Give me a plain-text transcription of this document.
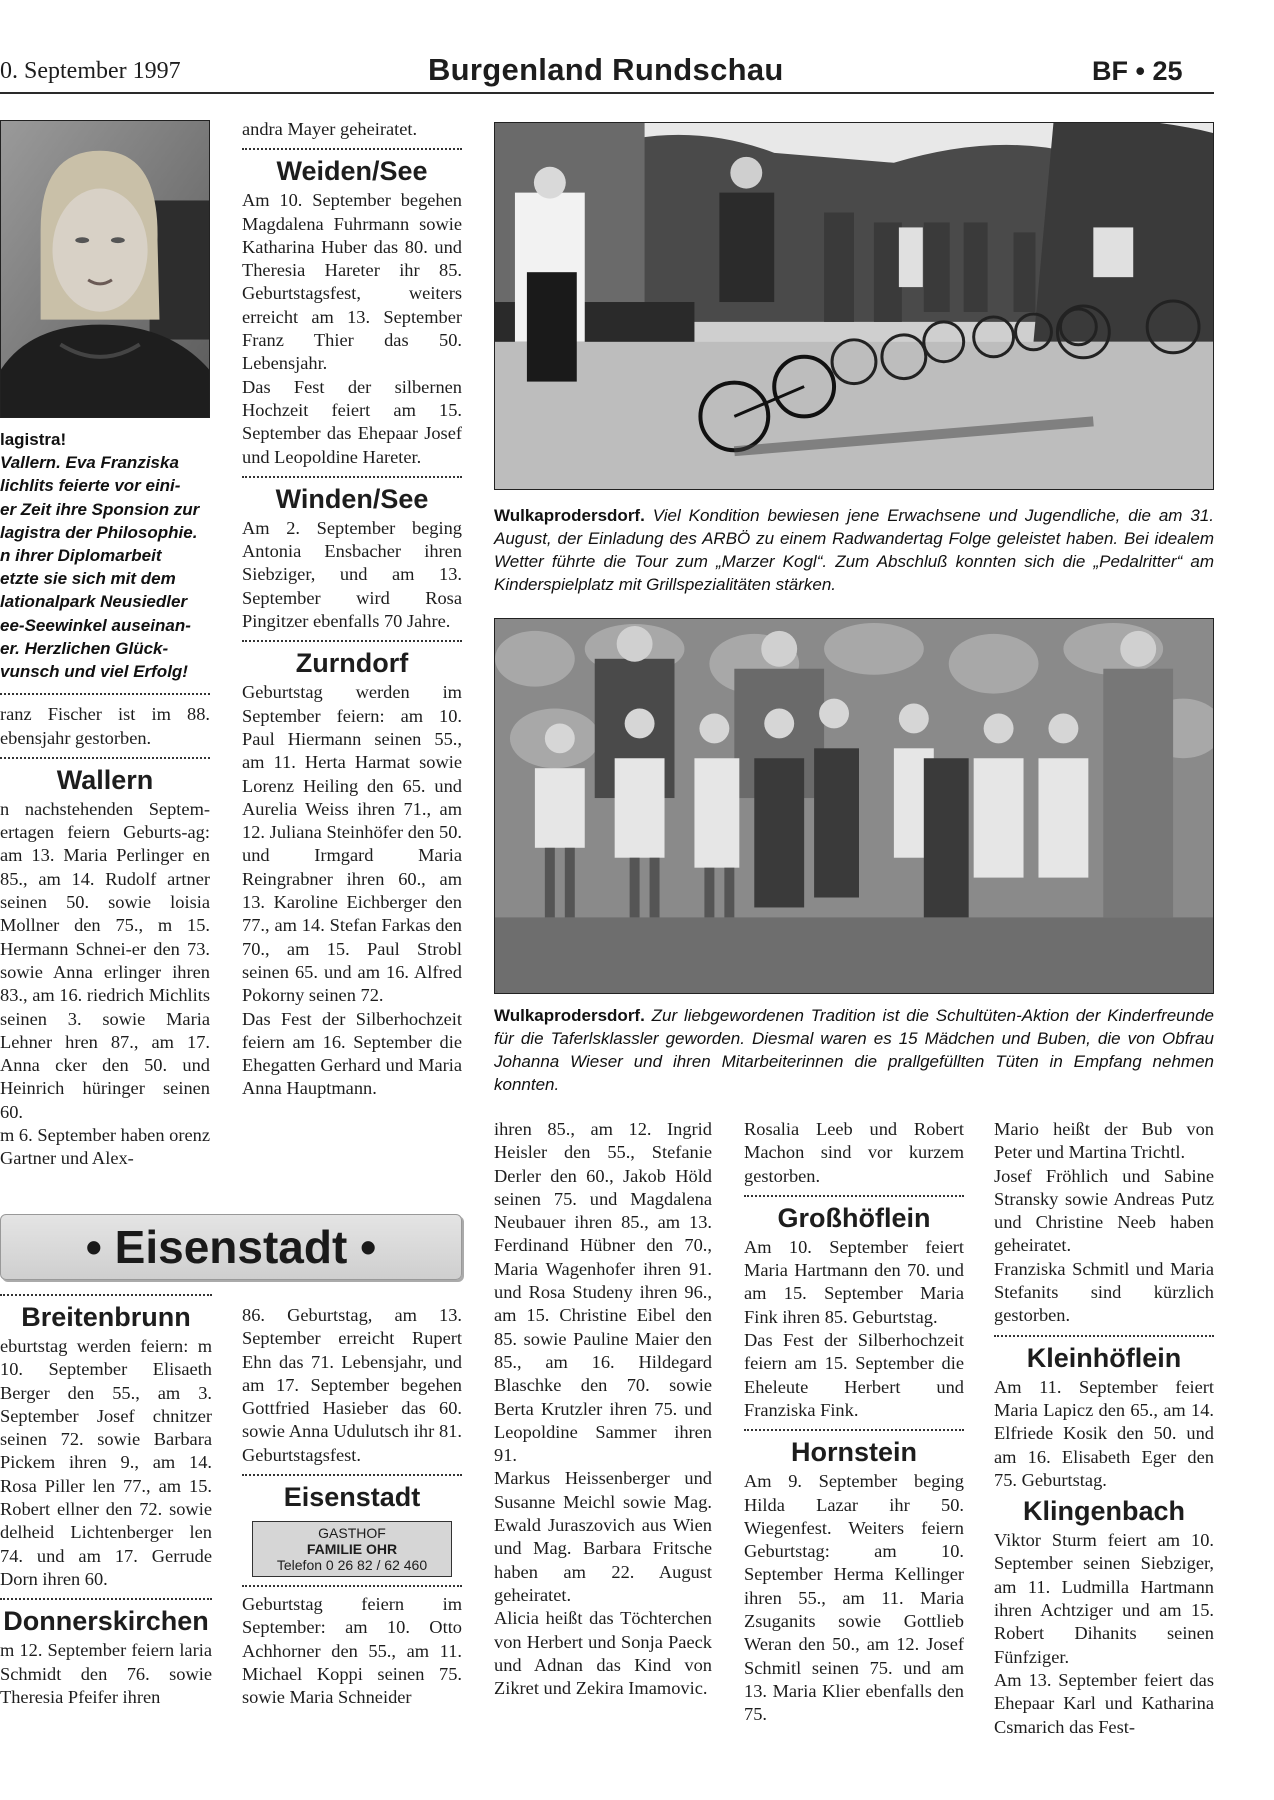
0. September 1997	Burgenland Rundschau	BF • 25
lagistra!
Vallern. Eva Franziska
lichlits feierte vor eini-
er Zeit ihre Sponsion zur
lagistra der Philosophie.
n ihrer Diplomarbeit
etzte sie sich mit dem
lationalpark Neusiedler
ee-Seewinkel auseinan-
er. Herzlichen Glück-
vunsch und viel Erfolg!

ranz Fischer ist im 88. ebensjahr gestorben.

Wallern

n nachstehenden Septem-ertagen feiern Geburts-ag: am 13. Maria Perlinger en 85., am 14. Rudolf artner seinen 50. sowie loisia Mollner den 75., m 15. Hermann Schnei-er den 73. sowie Anna erlinger ihren 83., am 16. riedrich Michlits seinen 3. sowie Maria Lehner hren 87., am 17. Anna cker den 50. und Heinrich hüringer seinen 60.

m 6. September haben orenz Gartner und Alex-

andra Mayer geheiratet.

Weiden/See

Am 10. September begehen Magdalena Fuhrmann sowie Katharina Huber das 80. und Theresia Hareter ihr 85. Geburtstagsfest, weiters erreicht am 13. September Franz Thier das 50. Lebensjahr.

Das Fest der silbernen Hochzeit feiert am 15. September das Ehepaar Josef und Leopoldine Hareter.

Winden/See

Am 2. September beging Antonia Ensbacher ihren Siebziger, und am 13. September wird Rosa Pingitzer ebenfalls 70 Jahre.

Zurndorf

Geburtstag werden im September feiern: am 10. Paul Hiermann seinen 55., am 11. Herta Harmat sowie Lorenz Heiling den 65. und Aurelia Weiss ihren 71., am 12. Juliana Steinhöfer den 50. und Irmgard Maria Reingrabner ihren 60., am 13. Karoline Eichberger den 77., am 14. Stefan Farkas den 70., am 15. Paul Strobl seinen 65. und am 16. Alfred Pokorny seinen 72.

Das Fest der Silberhochzeit feiern am 16. September die Ehegatten Gerhard und Maria Anna Hauptmann.

Wulkaprodersdorf. Viel Kondition bewiesen jene Erwachsene und Jugendliche, die am 31. August, der Einladung des ARBÖ zu einem Radwandertag Folge geleistet haben. Bei idealem Wetter führte die Tour zum „Marzer Kogl“. Zum Abschluß konnten sich die „Pedalritter“ am Kinderspielplatz mit Grillspezialitäten stärken.
Wulkaprodersdorf. Zur liebgewordenen Tradition ist die Schultüten-Aktion der Kinderfreunde für die Taferlsklassler geworden. Diesmal waren es 15 Mädchen und Buben, die von Obfrau Johanna Wieser und ihren Mitarbeiterinnen die prallgefüllten Tüten in Empfang nehmen konnten.
• Eisenstadt •
Breitenbrunn

eburtstag werden feiern: m 10. September Elisaeth Berger den 55., am 3. September Josef chnitzer seinen 72. sowie Barbara Pickem ihren 9., am 14. Rosa Piller len 77., am 15. Robert ellner den 72. sowie delheid Lichtenberger len 74. und am 17. Gerrude Dorn ihren 60.

Donnerskirchen

m 12. September feiern laria Schmidt den 76. sowie Theresia Pfeifer ihren

86. Geburtstag, am 13. September erreicht Rupert Ehn das 71. Lebensjahr, und am 17. September begehen Gottfried Hasieber das 60. sowie Anna Udulutsch ihr 81. Geburtstagsfest.

Eisenstadt
GASTHOF
FAMILIE OHR
Telefon 0 26 82 / 62 460

Geburtstag feiern im September: am 10. Otto Achhorner den 55., am 11. Michael Koppi seinen 75. sowie Maria Schneider

ihren 85., am 12. Ingrid Heisler den 55., Stefanie Derler den 60., Jakob Höld seinen 75. und Magdalena Neubauer ihren 85., am 13. Ferdinand Hübner den 70., Maria Wagenhofer ihren 91. und Rosa Studeny ihren 96., am 15. Christine Eibel den 85. sowie Pauline Maier den 85., am 16. Hildegard Blaschke den 70. sowie Berta Krutzler ihren 75. und Leopoldine Sammer ihren 91.

Markus Heissenberger und Susanne Meichl sowie Mag. Ewald Juraszovich aus Wien und Mag. Barbara Fritsche haben am 22. August geheiratet.

Alicia heißt das Töchterchen von Herbert und Sonja Paeck und Adnan das Kind von Zikret und Zekira Imamovic.

Rosalia Leeb und Robert Machon sind vor kurzem gestorben.

Großhöflein

Am 10. September feiert Maria Hartmann den 70. und am 15. September Maria Fink ihren 85. Geburtstag.

Das Fest der Silberhochzeit feiern am 15. September die Eheleute Herbert und Franziska Fink.

Hornstein

Am 9. September beging Hilda Lazar ihr 50. Wiegenfest. Weiters feiern Geburtstag: am 10. September Herma Kellinger ihren 55., am 11. Maria Zsuganits sowie Gottlieb Weran den 50., am 12. Josef Schmitl seinen 75. und am 13. Maria Klier ebenfalls den 75.

Mario heißt der Bub von Peter und Martina Trichtl.

Josef Fröhlich und Sabine Stransky sowie Andreas Putz und Christine Neeb haben geheiratet.

Franziska Schmitl und Maria Stefanits sind kürzlich gestorben.

Kleinhöflein

Am 11. September feiert Maria Lapicz den 65., am 14. Elfriede Kosik den 50. und am 16. Elisabeth Eger den 75. Geburtstag.

Klingenbach

Viktor Sturm feiert am 10. September seinen Siebziger, am 11. Ludmilla Hartmann ihren Achtziger und am 15. Robert Dihanits seinen Fünfziger.

Am 13. September feiert das Ehepaar Karl und Katharina Csmarich das Fest-
